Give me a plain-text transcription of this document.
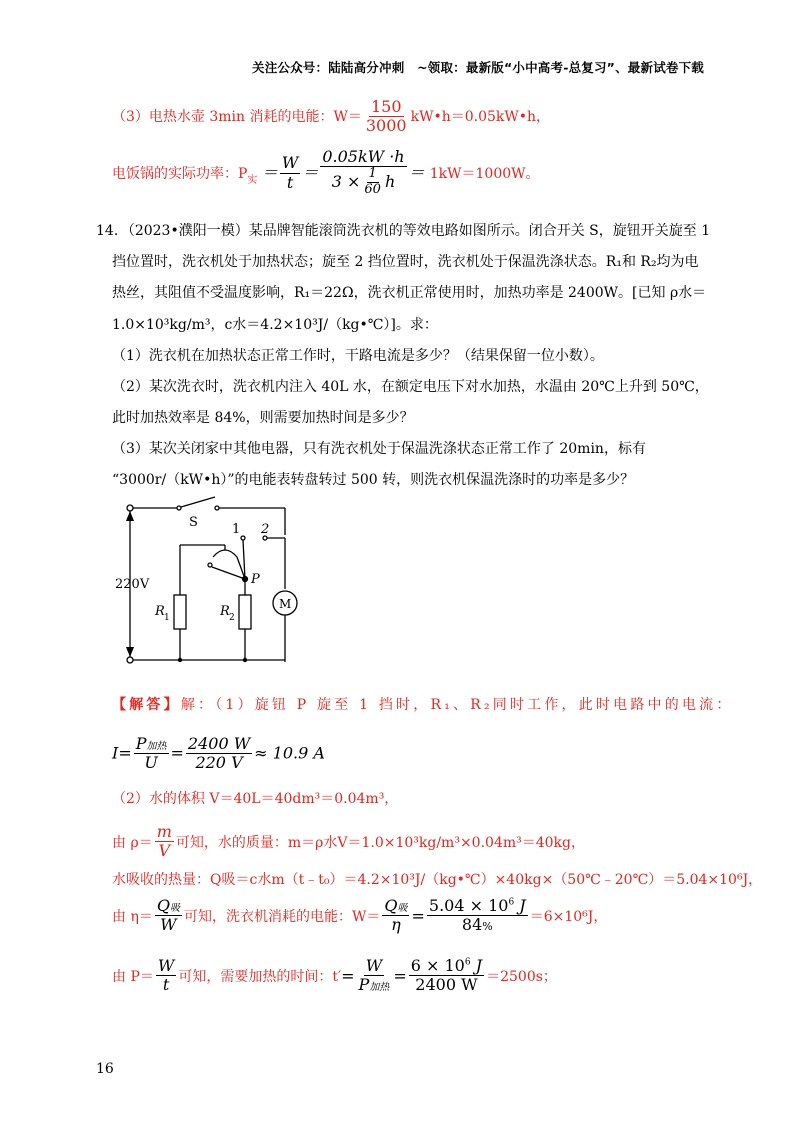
关注公众号：陆陆高分冲刺　~领取：最新版“小中高考-总复习”、最新试卷下载
（3）电热水壶 3min 消耗的电能：$W= \frac{150}{3000}$ kW•h＝0.05kW•h，
电饭锅的实际功率：$P_实 = \frac{W}{t} = \frac{0.05kW \cdot h}{3 \times \frac{1}{60} h} = 1kW=1000W$。
14．（2023•濮阳一模）某品牌智能滚筒洗衣机的等效电路如图所示。闭合开关 S，旋钮开关旋至 1
挡位置时，洗衣机处于加热状态；旋至 2 挡位置时，洗衣机处于保温洗涤状态。R₁和 R₂均为电
热丝，其阻值不受温度影响，R₁＝22Ω，洗衣机正常使用时，加热功率是 2400W。[已知 ρ水＝
1.0×10³kg/m³，c水＝4.2×10³J/（kg•℃）]。求：
（1）洗衣机在加热状态正常工作时，干路电流是多少？（结果保留一位小数）。
（2）某次洗衣时，洗衣机内注入 40L 水，在额定电压下对水加热，水温由 20℃上升到 50℃，
此时加热效率是 84%，则需要加热时间是多少？
（3）某次关闭家中其他电器，只有洗衣机处于保温洗涤状态正常工作了 20min，标有
“3000r/（kW•h）”的电能表转盘转过 500 转，则洗衣机保温洗涤时的功率是多少？
S	1 2
220V	P
R 1	R 2
M
【解答】解：（1）旋钮 P 旋至 1 挡时，R₁、R₂同时工作，此时电路中的电流：
$I= \frac{\text{P加热}}{U} = \frac{2400 W}{220 V} \approx 10.9$ A
（2）水的体积 V＝40L＝40dm³＝0.04m³，
由 $\rho= \frac{m}{V}$ 可知，水的质量：m＝ρ水V＝1.0×10³kg/m³×0.04m³＝40kg，
水吸收的热量：Q吸＝c水m（t﹣t₀）＝4.2×10³J/（kg•℃）×40kg×（50℃﹣20℃）＝5.04×10⁶J，
由 $\eta= \frac{\text{Q吸}}{W}$ 可知，洗衣机消耗的电能：$W= \frac{\text{Q吸}}{\eta} = \frac{5.04 \times 10^6 J}{84\%} =6\times 10^6J$，
由 $P= \frac{W}{t}$ 可知，需要加热的时间：$t'= \frac{W}{\text{P加热}} = \frac{6 \times 10^6 J}{2400 W} =2500s$；
16
